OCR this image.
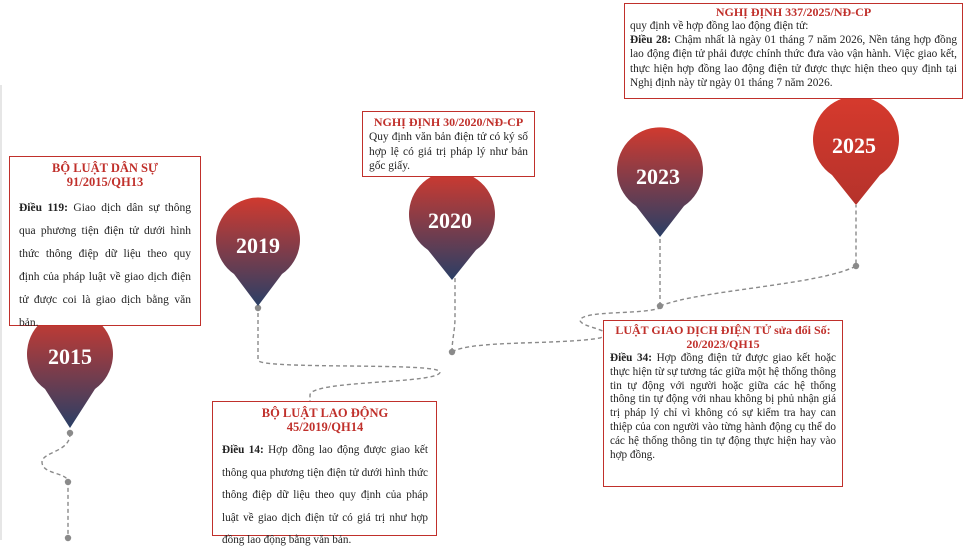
2015
2019
2020
2023
2025
BỘ LUẬT DÂN SỰ 91/2015/QH13

Điều 119: Giao dịch dân sự thông qua phương tiện điện tử dưới hình thức thông điệp dữ liệu theo quy định của pháp luật về giao dịch điện tử được coi là giao dịch bằng văn bản.

BỘ LUẬT LAO ĐỘNG 45/2019/QH14

Điều 14: Hợp đồng lao động được giao kết thông qua phương tiện điện tử dưới hình thức thông điệp dữ liệu theo quy định của pháp luật về giao dịch điện tử có giá trị như hợp đồng lao động bằng văn bản.

NGHỊ ĐỊNH 30/2020/NĐ-CP

Quy định văn bản điện tử có ký số hợp lệ có giá trị pháp lý như bản gốc giấy.

LUẬT GIAO DỊCH ĐIỆN TỬ sửa đổi Số: 20/2023/QH15

Điều 34: Hợp đồng điện tử được giao kết hoặc thực hiện từ sự tương tác giữa một hệ thống thông tin tự động với người hoặc giữa các hệ thống thông tin tự động với nhau không bị phủ nhận giá trị pháp lý chỉ vì không có sự kiểm tra hay can thiệp của con người vào từng hành động cụ thể do các hệ thống thông tin tự động thực hiện hay vào hợp đồng.

NGHỊ ĐỊNH 337/2025/NĐ-CP

quy định về hợp đồng lao động điện tử:
Điều 28: Chậm nhất là ngày 01 tháng 7 năm 2026, Nền tảng hợp đồng lao động điện tử phải được chính thức đưa vào vận hành. Việc giao kết, thực hiện hợp đồng lao động điện tử được thực hiện theo quy định tại Nghị định này từ ngày 01 tháng 7 năm 2026.
